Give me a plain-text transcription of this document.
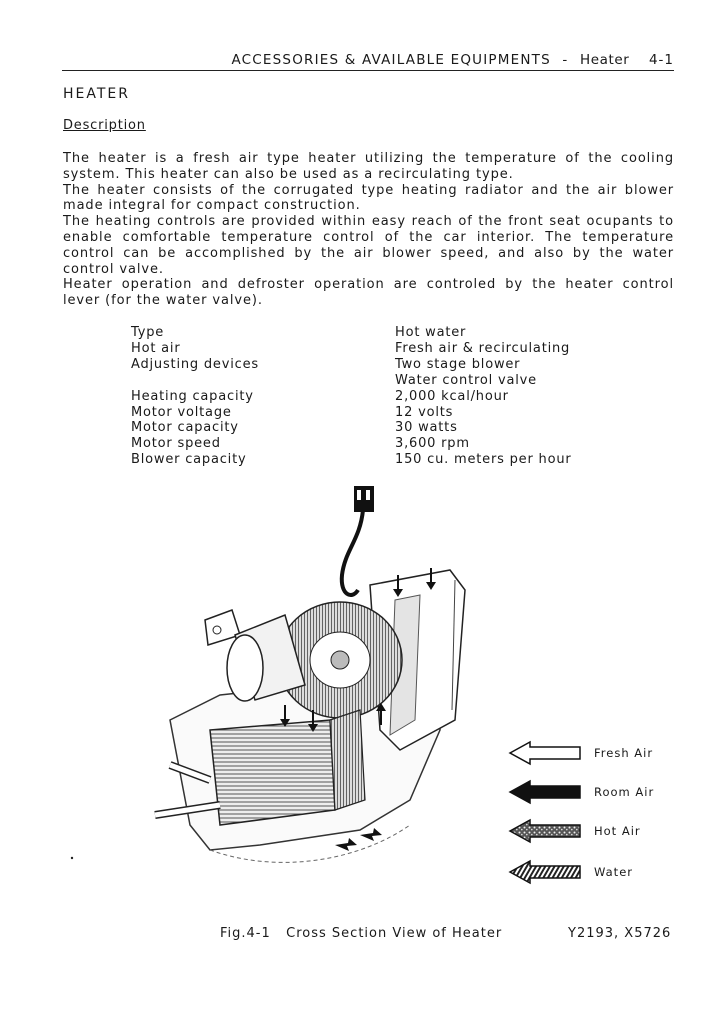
ACCESSORIES & AVAILABLE EQUIPMENTS - Heater 4-1
HEATER
Description

The heater is a fresh air type heater utilizing the temperature of the cooling system. This heater can also be used as a recirculating type.

The heater consists of the corrugated type heating radiator and the air blower made integral for compact construction.

The heating controls are provided within easy reach of the front seat ocupants to enable comfortable temperature control of the car interior. The temperature control can be accomplished by the air blower speed, and also by the water control valve.

Heater operation and defroster operation are controled by the heater control lever (for the water valve).

Type	Hot water
Hot air	Fresh air & recirculating
Adjusting devices	Two stage blower
Water control valve
Heating capacity	2,000 kcal/hour
Motor voltage	12 volts
Motor capacity	30 watts
Motor speed	3,600 rpm
Blower capacity	150 cu. meters per hour
Fresh Air
Room Air
Hot Air
Water
Fig.4-1   Cross Section View of Heater	Y2193, X5726
